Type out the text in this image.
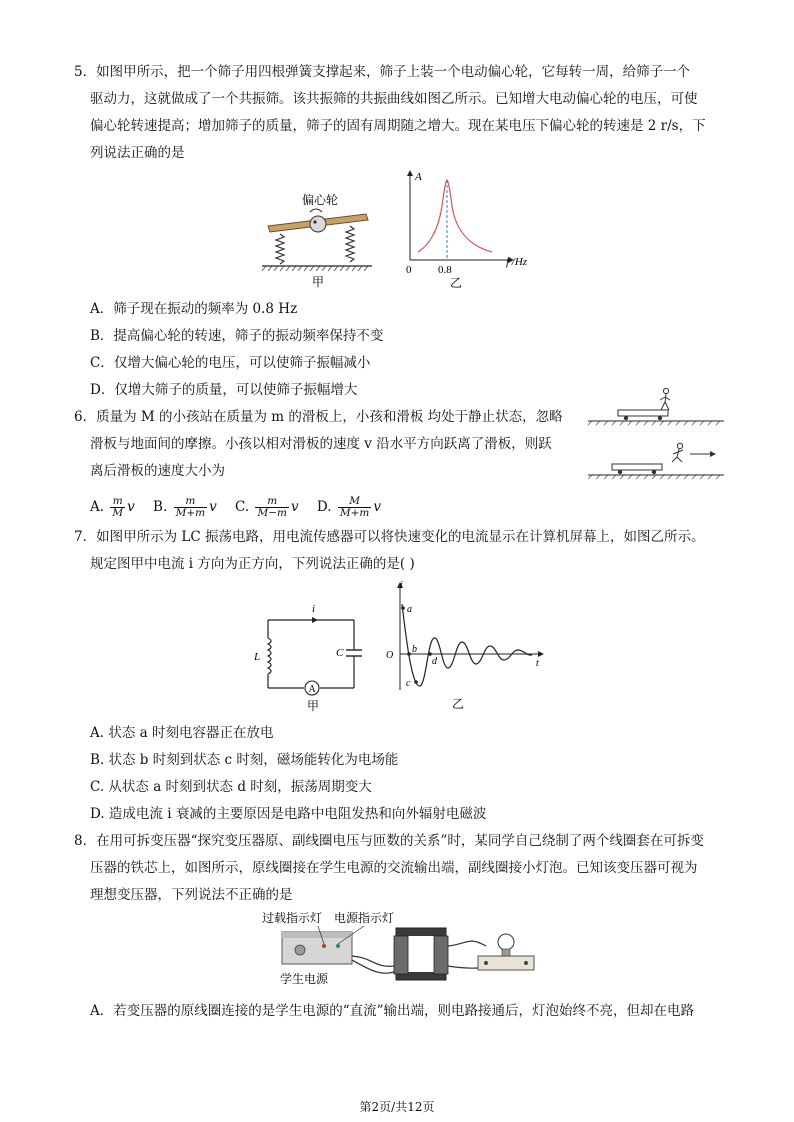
5．如图甲所示，把一个筛子用四根弹簧支撑起来，筛子上装一个电动偏心轮，它每转一周，给筛子一个
驱动力，这就做成了一个共振筛。该共振筛的共振曲线如图乙所示。已知增大电动偏心轮的电压，可使
偏心轮转速提高；增加筛子的质量，筛子的固有周期随之增大。现在某电压下偏心轮的转速是 2 r/s，下
列说法正确的是
偏心轮
甲
A
f /Hz
0 0.8
乙
A．筛子现在振动的频率为 0.8 Hz
B．提高偏心轮的转速，筛子的振动频率保持不变
C．仅增大偏心轮的电压，可以使筛子振幅减小
D．仅增大筛子的质量，可以使筛子振幅增大
6．质量为 M 的小孩站在质量为 m 的滑板上，小孩和滑板 均处于静止状态，忽略
滑板与地面间的摩擦。小孩以相对滑板的速度 v 沿水平方向跃离了滑板，则跃
离后滑板的速度大小为
A. $\frac{m}{M}$ v B. $\frac{m}{M+m}$ v C. $\frac{m}{M-m}$ v D. $\frac{M}{M+m}$ v
7．如图甲所示为 LC 振荡电路，用电流传感器可以将快速变化的电流显示在计算机屏幕上，如图乙所示。
规定图甲中电流 i 方向为正方向，下列说法正确的是( )
i
L	C
A
甲
i
O
t
a
b
c
d
乙
A. 状态 a 时刻电容器正在放电
B. 状态 b 时刻到状态 c 时刻，磁场能转化为电场能
C. 从状态 a 时刻到状态 d 时刻，振荡周期变大
D. 造成电流 i 衰减的主要原因是电路中电阻发热和向外辐射电磁波
8．在用可拆变压器“探究变压器原、副线圈电压与匝数的关系”时，某同学自己绕制了两个线圈套在可拆变
压器的铁芯上，如图所示，原线圈接在学生电源的交流输出端，副线圈接小灯泡。已知该变压器可视为
理想变压器，下列说法不正确的是
过载指示灯 电源指示灯
学生电源
A．若变压器的原线圈连接的是学生电源的“直流”输出端，则电路接通后，灯泡始终不亮，但却在电路
第2页/共12页
